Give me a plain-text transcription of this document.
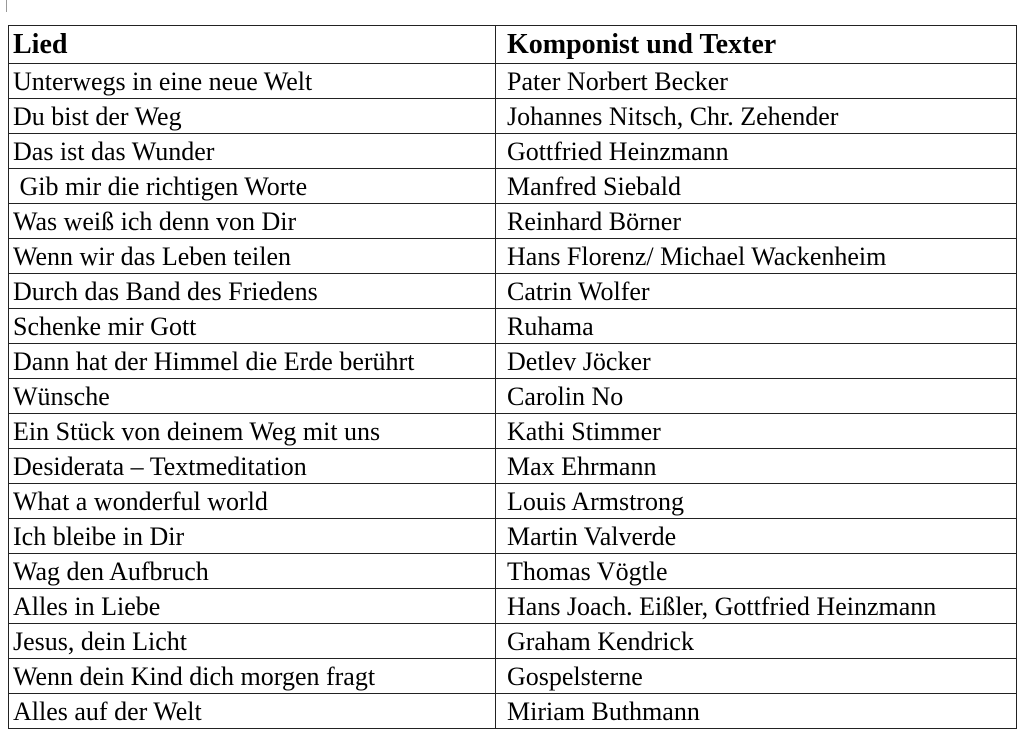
Lied	Komponist und Texter
Unterwegs in eine neue Welt	Pater Norbert Becker
Du bist der Weg	Johannes Nitsch, Chr. Zehender
Das ist das Wunder	Gottfried Heinzmann
Gib mir die richtigen Worte	Manfred Siebald
Was weiß ich denn von Dir	Reinhard Börner
Wenn wir das Leben teilen	Hans Florenz/ Michael Wackenheim
Durch das Band des Friedens	Catrin Wolfer
Schenke mir Gott	Ruhama
Dann hat der Himmel die Erde berührt	Detlev Jöcker
Wünsche	Carolin No
Ein Stück von deinem Weg mit uns	Kathi Stimmer
Desiderata – Textmeditation	Max Ehrmann
What a wonderful world	Louis Armstrong
Ich bleibe in Dir	Martin Valverde
Wag den Aufbruch	Thomas Vögtle
Alles in Liebe	Hans Joach. Eißler, Gottfried Heinzmann
Jesus, dein Licht	Graham Kendrick
Wenn dein Kind dich morgen fragt	Gospelsterne
Alles auf der Welt	Miriam Buthmann
